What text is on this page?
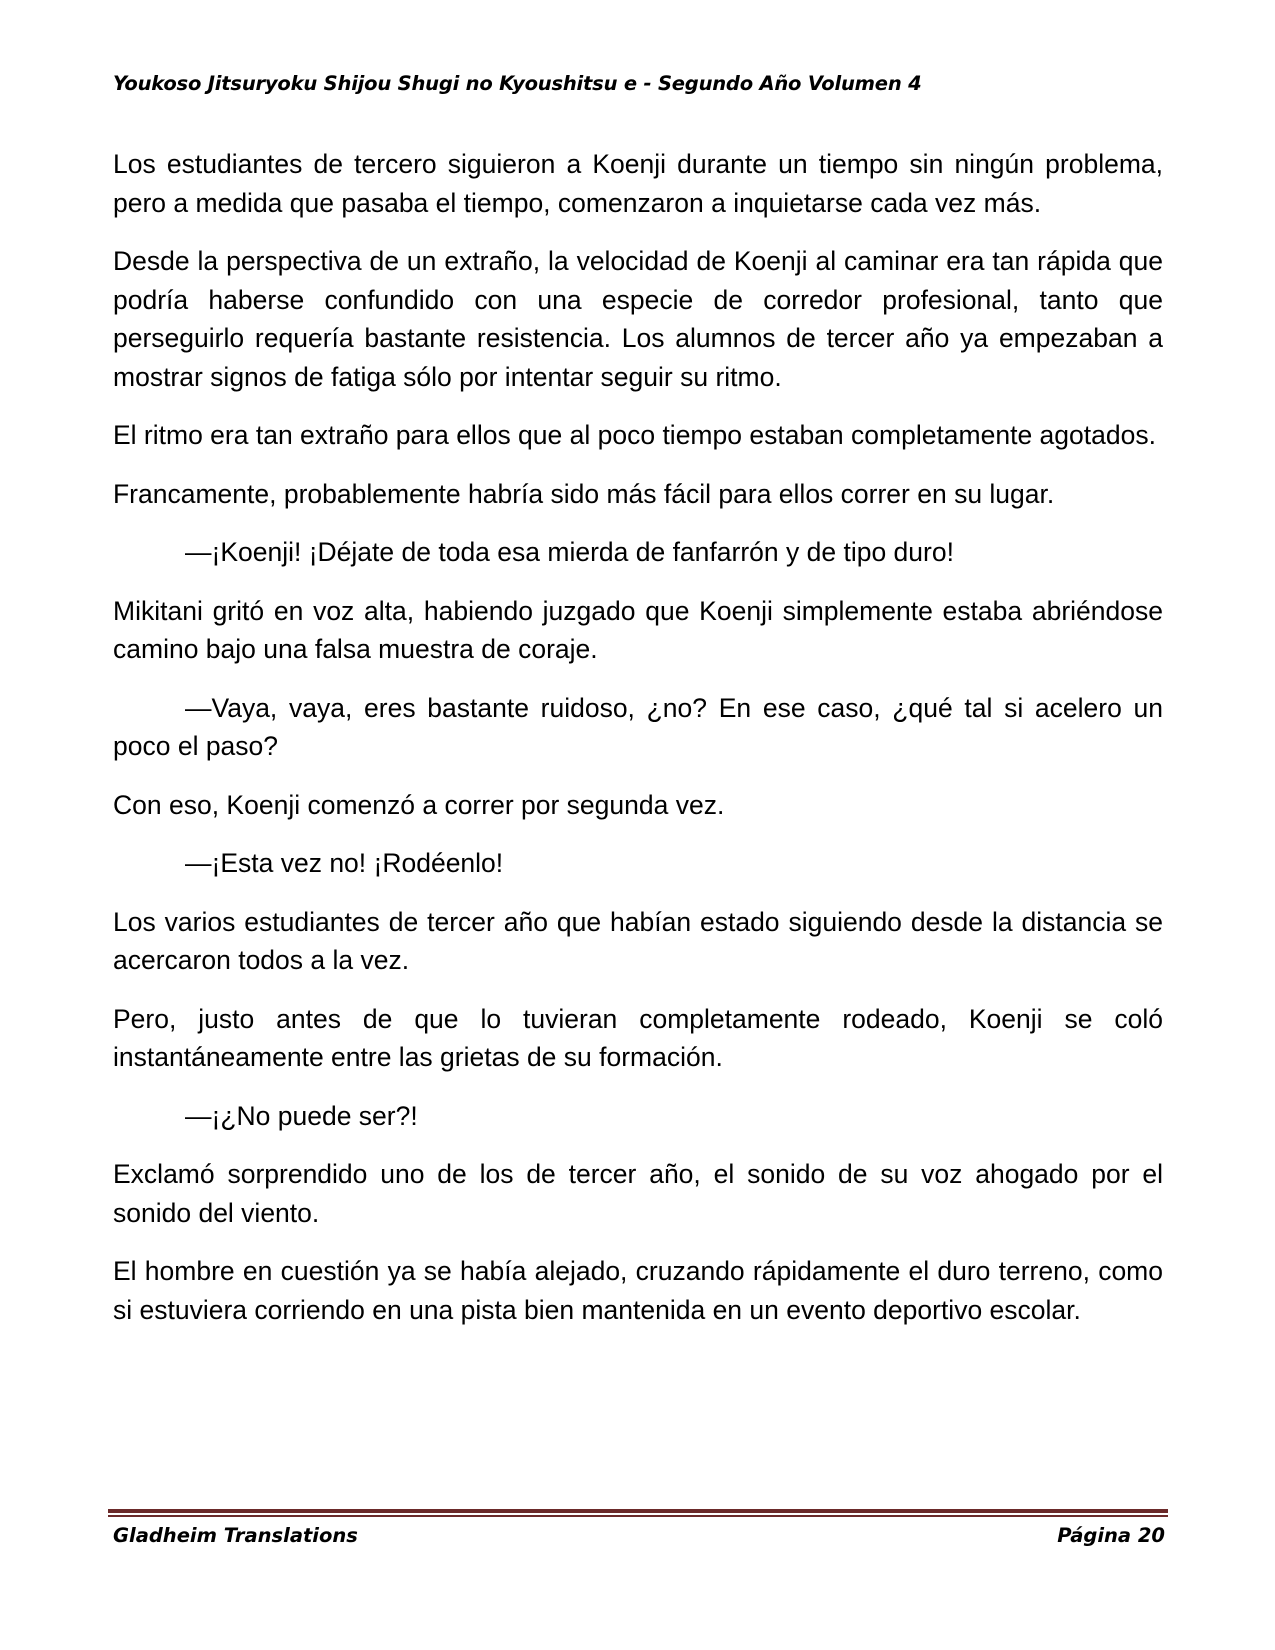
Youkoso Jitsuryoku Shijou Shugi no Kyoushitsu e - Segundo Año Volumen 4

Los estudiantes de tercero siguieron a Koenji durante un tiempo sin ningún problema, pero a medida que pasaba el tiempo, comenzaron a inquietarse cada vez más.

Desde la perspectiva de un extraño, la velocidad de Koenji al caminar era tan rápida que podría haberse confundido con una especie de corredor profesional, tanto que perseguirlo requería bastante resistencia. Los alumnos de tercer año ya empezaban a mostrar signos de fatiga sólo por intentar seguir su ritmo.

El ritmo era tan extraño para ellos que al poco tiempo estaban completamente agotados.

Francamente, probablemente habría sido más fácil para ellos correr en su lugar.

—¡Koenji! ¡Déjate de toda esa mierda de fanfarrón y de tipo duro!

Mikitani gritó en voz alta, habiendo juzgado que Koenji simplemente estaba abriéndose camino bajo una falsa muestra de coraje.

—Vaya, vaya, eres bastante ruidoso, ¿no? En ese caso, ¿qué tal si acelero un poco el paso?

Con eso, Koenji comenzó a correr por segunda vez.

—¡Esta vez no! ¡Rodéenlo!

Los varios estudiantes de tercer año que habían estado siguiendo desde la distancia se acercaron todos a la vez.

Pero, justo antes de que lo tuvieran completamente rodeado, Koenji se coló instantáneamente entre las grietas de su formación.

—¡¿No puede ser?!

Exclamó sorprendido uno de los de tercer año, el sonido de su voz ahogado por el sonido del viento.

El hombre en cuestión ya se había alejado, cruzando rápidamente el duro terreno, como si estuviera corriendo en una pista bien mantenida en un evento deportivo escolar.

Gladheim Translations	Página 20
